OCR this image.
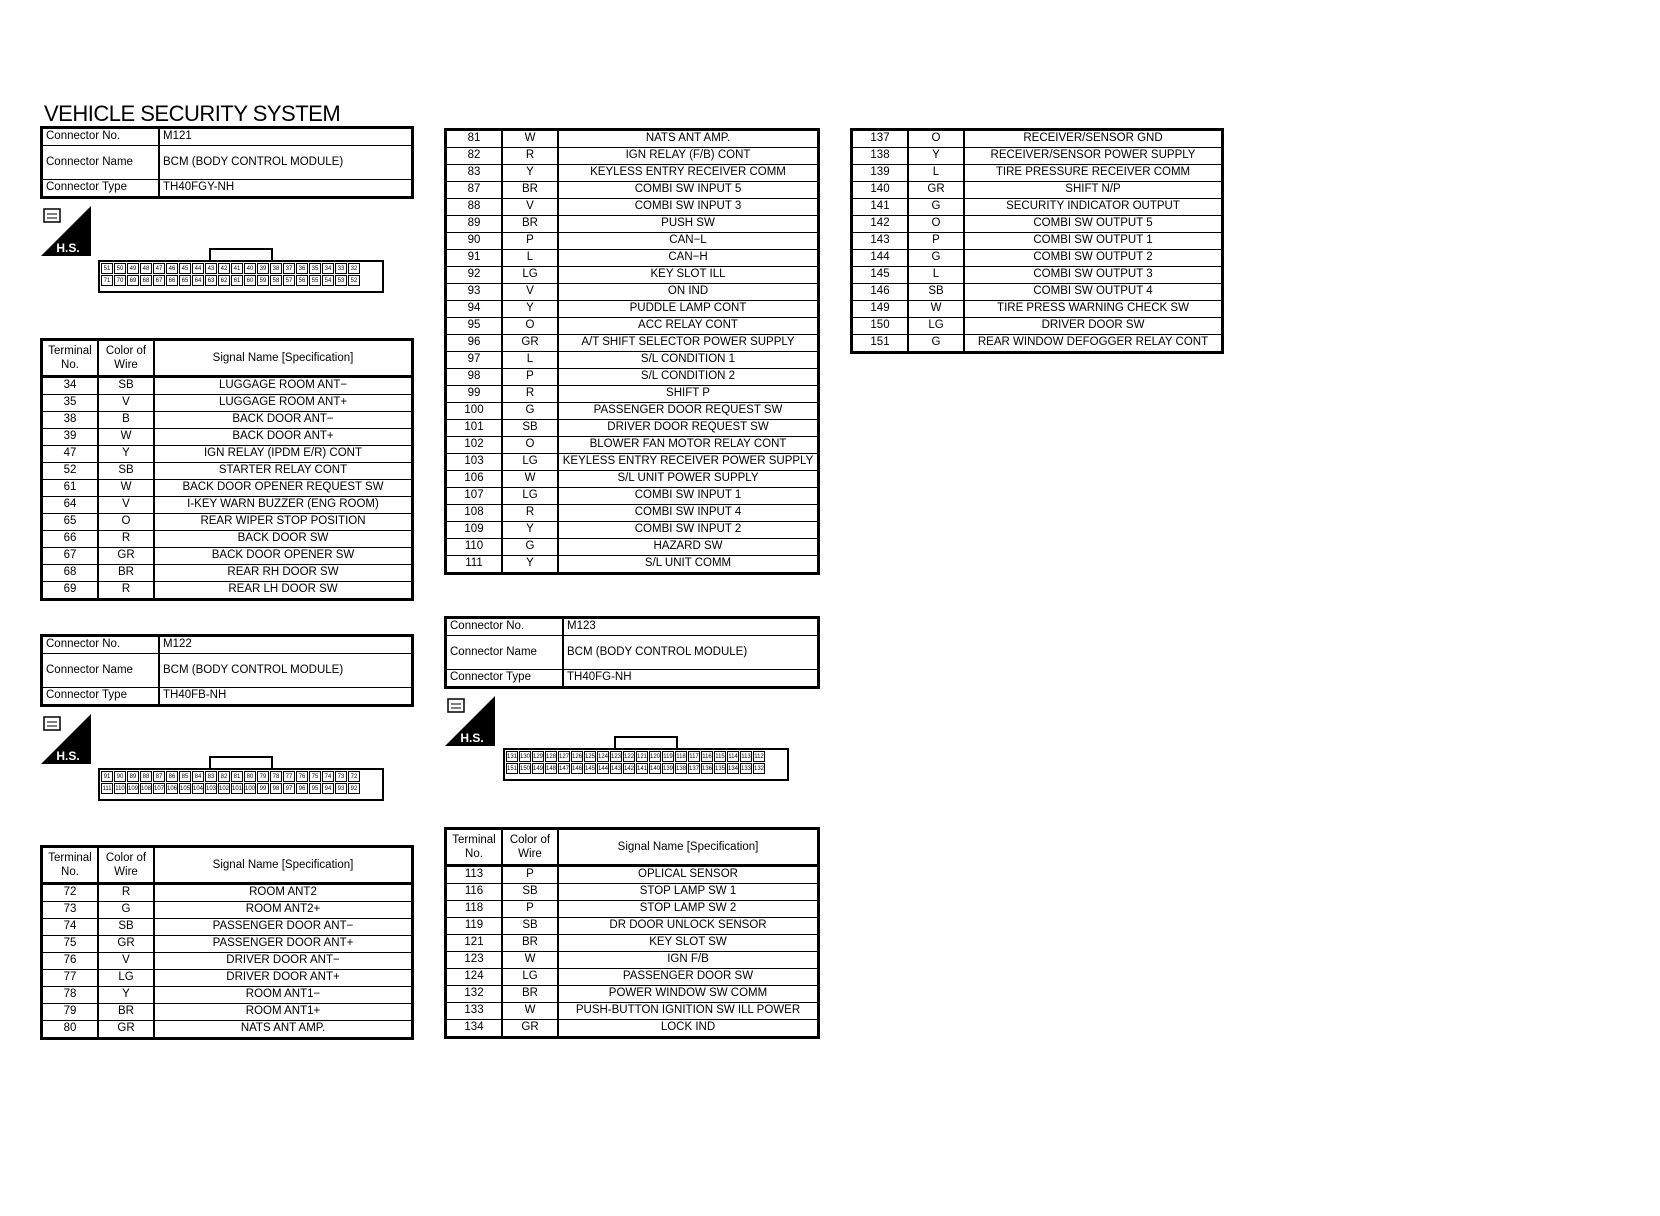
VEHICLE SECURITY SYSTEM
Connector No.	M121
Connector Name	BCM (BODY CONTROL MODULE)
Connector Type	TH40FGY-NH
H.S.
51	50	49	48	47	46	45	44	43	42	41	40	39	38	37	36	35	34	33	32
71	70	69	68	67	66	65	64	63	62	61	60	59	58	57	56	55	54	53	52
Terminal No.	Color of Wire	Signal Name [Specification]
34	SB	LUGGAGE ROOM ANT−
35	V	LUGGAGE ROOM ANT+
38	B	BACK DOOR ANT−
39	W	BACK DOOR ANT+
47	Y	IGN RELAY (IPDM E/R) CONT
52	SB	STARTER RELAY CONT
61	W	BACK DOOR OPENER REQUEST SW
64	V	I-KEY WARN BUZZER (ENG ROOM)
65	O	REAR WIPER STOP POSITION
66	R	BACK DOOR SW
67	GR	BACK DOOR OPENER SW
68	BR	REAR RH DOOR SW
69	R	REAR LH DOOR SW
Connector No.	M122
Connector Name	BCM (BODY CONTROL MODULE)
Connector Type	TH40FB-NH
H.S.
91	90	89	88	87	86	85	84	83	82	81	80	79	78	77	76	75	74	73	72
111 110 109 108 107 106 105 104 103 102 101 100 99	98	97	96	95	94	93	92
Terminal No.	Color of Wire	Signal Name [Specification]
72	R	ROOM ANT2
73	G	ROOM ANT2+
74	SB	PASSENGER DOOR ANT−
75	GR	PASSENGER DOOR ANT+
76	V	DRIVER DOOR ANT−
77	LG	DRIVER DOOR ANT+
78	Y	ROOM ANT1−
79	BR	ROOM ANT1+
80	GR	NATS ANT AMP.
81	W	NATS ANT AMP.
82	R	IGN RELAY (F/B) CONT
83	Y	KEYLESS ENTRY RECEIVER COMM
87	BR	COMBI SW INPUT 5
88	V	COMBI SW INPUT 3
89	BR	PUSH SW
90	P	CAN−L
91	L	CAN−H
92	LG	KEY SLOT ILL
93	V	ON IND
94	Y	PUDDLE LAMP CONT
95	O	ACC RELAY CONT
96	GR	A/T SHIFT SELECTOR POWER SUPPLY
97	L	S/L CONDITION 1
98	P	S/L CONDITION 2
99	R	SHIFT P
100	G	PASSENGER DOOR REQUEST SW
101	SB	DRIVER DOOR REQUEST SW
102	O	BLOWER FAN MOTOR RELAY CONT
103	LG	KEYLESS ENTRY RECEIVER POWER SUPPLY
106	W	S/L UNIT POWER SUPPLY
107	LG	COMBI SW INPUT 1
108	R	COMBI SW INPUT 4
109	Y	COMBI SW INPUT 2
110	G	HAZARD SW
111	Y	S/L UNIT COMM
Connector No.	M123
Connector Name	BCM (BODY CONTROL MODULE)
Connector Type	TH40FG-NH
H.S.
131 130 129 128 127 126 125 124 123 122 121 120 119 118 117 116 115 114 113 112
151 150 149 148 147 146 145 144 143 142 141 140 139 138 137 136 135 134 133 132
Terminal No.	Color of Wire	Signal Name [Specification]
113	P	OPLICAL SENSOR
116	SB	STOP LAMP SW 1
118	P	STOP LAMP SW 2
119	SB	DR DOOR UNLOCK SENSOR
121	BR	KEY SLOT SW
123	W	IGN F/B
124	LG	PASSENGER DOOR SW
132	BR	POWER WINDOW SW COMM
133	W	PUSH-BUTTON IGNITION SW ILL POWER
134	GR	LOCK IND
137	O	RECEIVER/SENSOR GND
138	Y	RECEIVER/SENSOR POWER SUPPLY
139	L	TIRE PRESSURE RECEIVER COMM
140	GR	SHIFT N/P
141	G	SECURITY INDICATOR OUTPUT
142	O	COMBI SW OUTPUT 5
143	P	COMBI SW OUTPUT 1
144	G	COMBI SW OUTPUT 2
145	L	COMBI SW OUTPUT 3
146	SB	COMBI SW OUTPUT 4
149	W	TIRE PRESS WARNING CHECK SW
150	LG	DRIVER DOOR SW
151	G	REAR WINDOW DEFOGGER RELAY CONT
